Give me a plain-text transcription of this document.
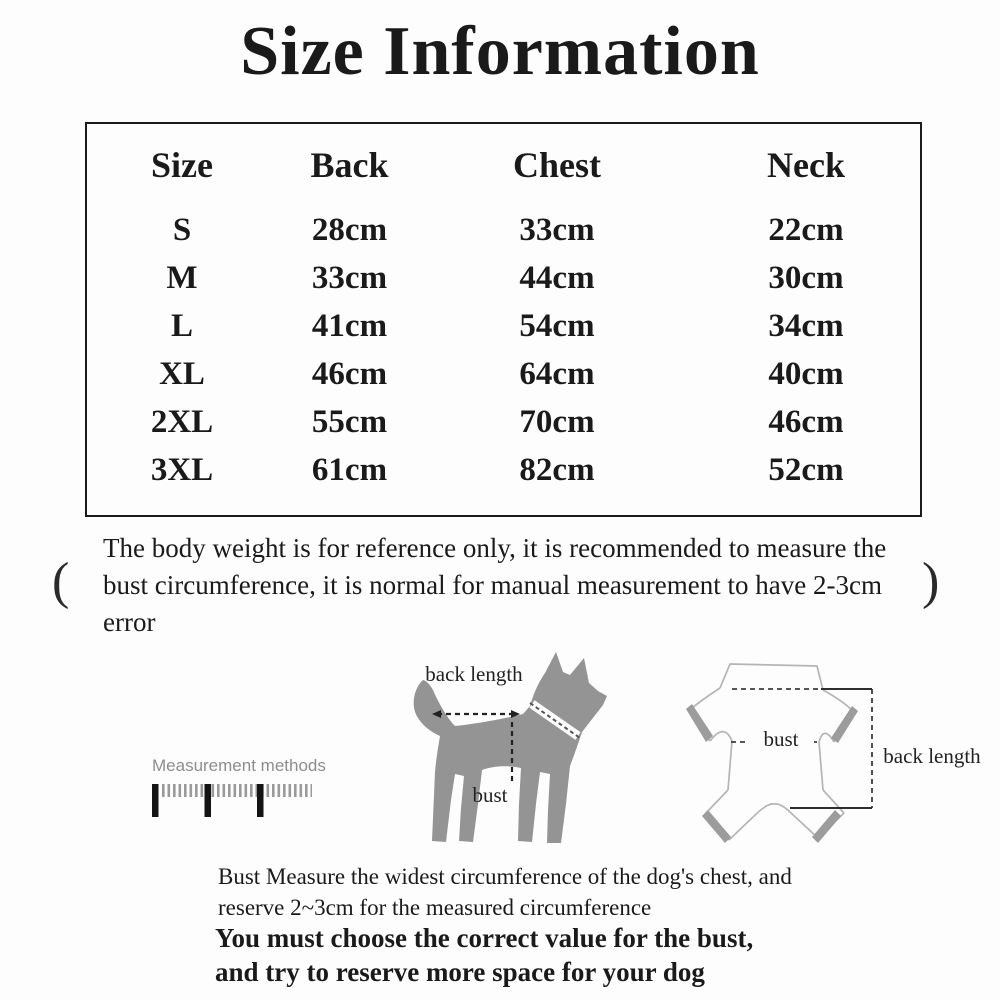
Size Information
Size	Back	Chest	Neck
S	28cm	33cm	22cm
M	33cm	44cm	30cm
L	41cm	54cm	34cm
XL	46cm	64cm	40cm
2XL	55cm	70cm	46cm
3XL	61cm	82cm	52cm
(
The body weight is for reference only, it is recommended to measure the
bust circumference, it is normal for manual measurement to have 2-3cm
error
)
Measurement methods
back length
bust
bust
back length
Bust Measure the widest circumference of the dog's chest, and
reserve 2~3cm for the measured circumference
You must choose the correct value for the bust,
and try to reserve more space for your dog
